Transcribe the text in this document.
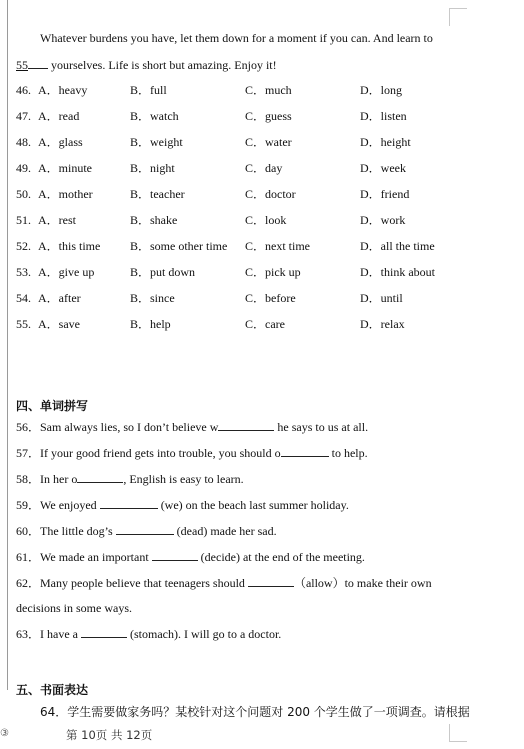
Whatever burdens you have, let them down for a moment if you can. And learn to
55 yourselves. Life is short but amazing. Enjoy it!
46. A．heavy	B．full	C．much	D．long
47. A．read	B．watch	C．guess	D．listen
48. A．glass	B．weight	C．water	D．height
49. A．minute	B．night	C．day	D．week
50. A．mother	B．teacher	C．doctor	D．friend
51. A．rest	B．shake	C．look	D．work
52. A．this time B．some other time C．next time	D．all the time
53. A．give up	B．put down	C．pick up	D．think about
54. A．after	B．since	C．before	D．until
55. A．save	B．help	C．care	D．relax
四、单词拼写
56．Sam always lies, so I don’t believe w	he says to us at all.
57．If your good friend gets into trouble, you should o	to help.
58．In her o	, English is easy to learn.
59．We enjoyed	(we) on the beach last summer holiday.
60．The little dog’s	(dead) made her sad.
61．We made an important	(decide) at the end of the meeting.
62．Many people believe that teenagers should	（allow）to make their own
decisions in some ways.
63．I have a	(stomach). I will go to a doctor.
五、书面表达
64．学生需要做家务吗？某校针对这个问题对 200 个学生做了一项调查。请根据
③	第 10页 共 12页
